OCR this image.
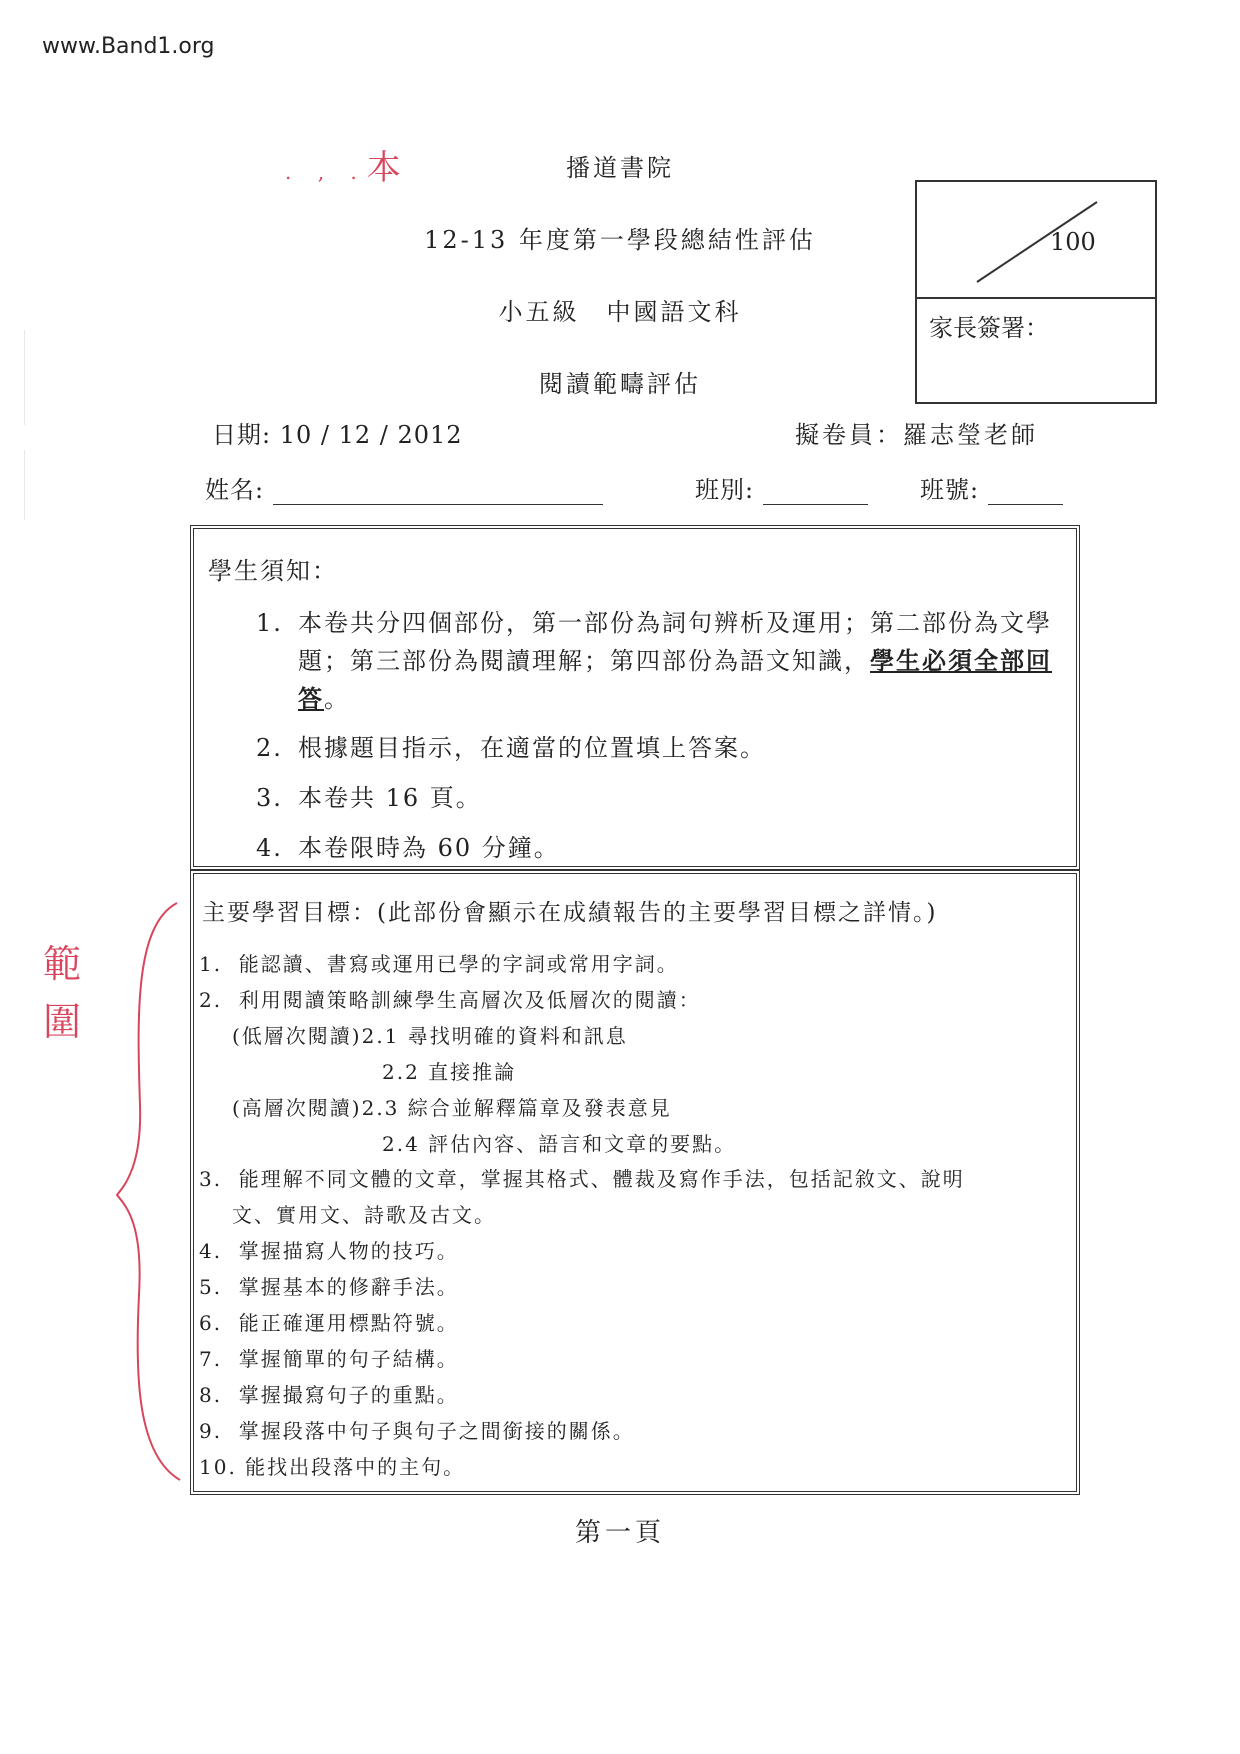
www.Band1.org
. , .本	播道書院
12-13 年度第一學段總結性評估
小五級　中國語文科
閱讀範疇評估
100
家長簽署：
日期: 10 / 12 / 2012	擬卷員：羅志瑩老師
姓名:	班別:	班號:
學生須知：
1. 本卷共分四個部份，第一部份為詞句辨析及運用；第二部份為文學題；第三部份為閱讀理解；第四部份為語文知識，學生必須全部回答。
2. 根據題目指示，在適當的位置填上答案。
3. 本卷共 16 頁。
4. 本卷限時為 60 分鐘。
主要學習目標：(此部份會顯示在成績報告的主要學習目標之詳情。)
1.  能認讀、書寫或運用已學的字詞或常用字詞。
2.  利用閱讀策略訓練學生高層次及低層次的閱讀：
(低層次閱讀)2.1 尋找明確的資料和訊息
2.2 直接推論
(高層次閱讀)2.3 綜合並解釋篇章及發表意見
2.4 評估內容、語言和文章的要點。
3.  能理解不同文體的文章，掌握其格式、體裁及寫作手法，包括記敘文、說明
文、實用文、詩歌及古文。
4.  掌握描寫人物的技巧。
5.  掌握基本的修辭手法。
6.  能正確運用標點符號。
7.  掌握簡單的句子結構。
8.  掌握撮寫句子的重點。
9.  掌握段落中句子與句子之間銜接的關係。
10. 能找出段落中的主句。
範
圍
第一頁
